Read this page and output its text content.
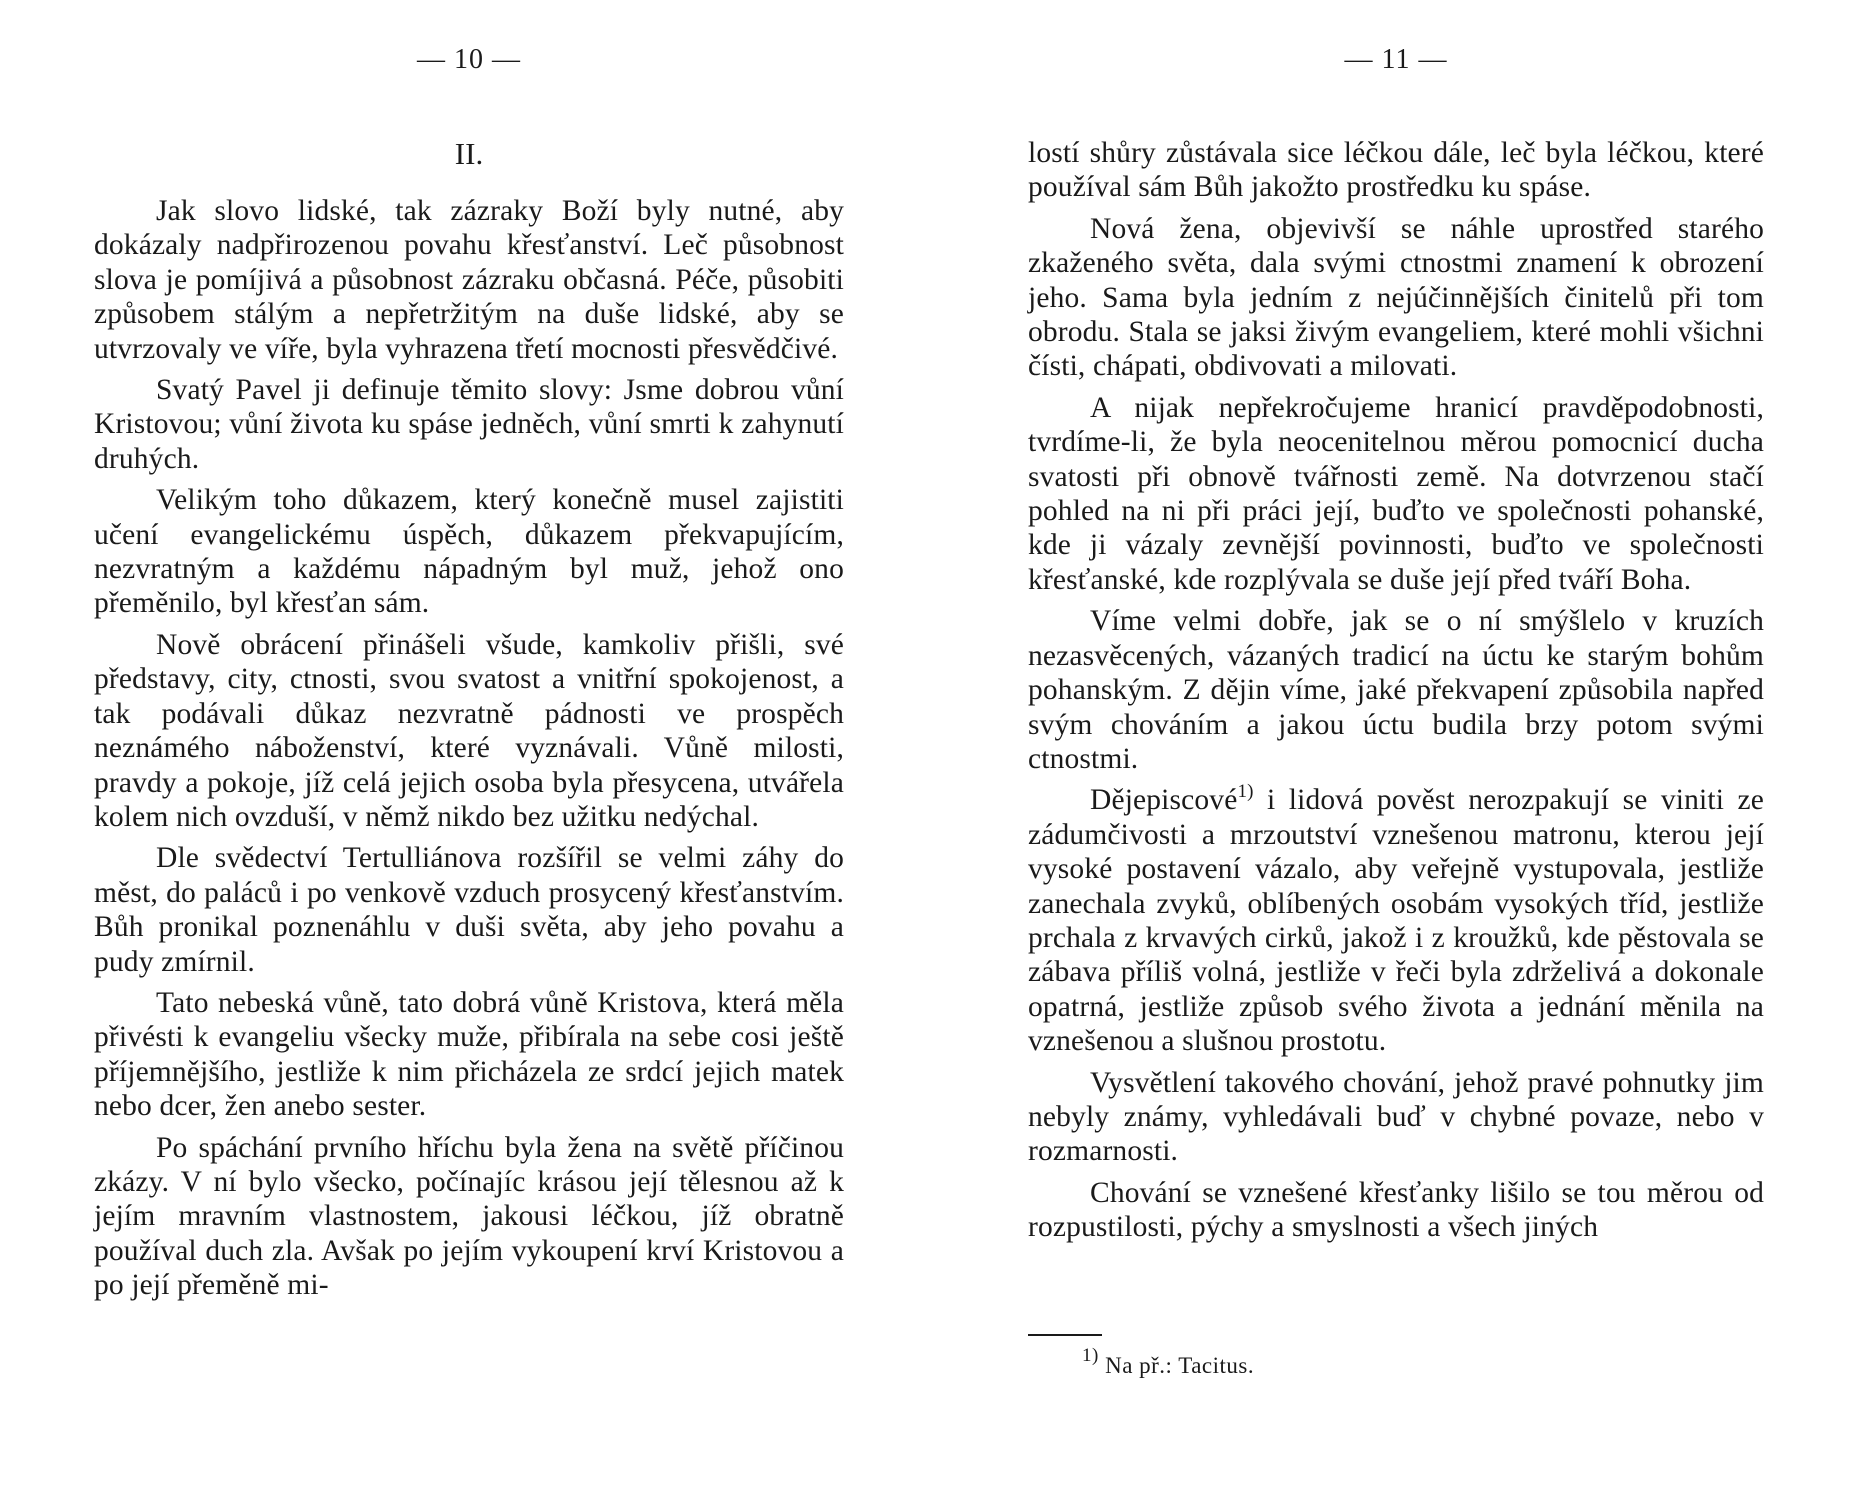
— 10 —
II.

Jak slovo lidské, tak zázraky Boží byly nutné, aby dokázaly nadpřirozenou povahu křesťanství. Leč působnost slova je pomíjivá a působnost zázraku občasná. Péče, působiti způsobem stálým a nepřetržitým na duše lidské, aby se utvrzovaly ve víře, byla vyhrazena třetí mocnosti přesvědčivé.

Svatý Pavel ji definuje těmito slovy: Jsme dobrou vůní Kristovou; vůní života ku spáse jedněch, vůní smrti k zahynutí druhých.

Velikým toho důkazem, který konečně musel zajistiti učení evangelickému úspěch, důkazem překvapujícím, nezvratným a každému nápadným byl muž, jehož ono přeměnilo, byl křesťan sám.

Nově obrácení přinášeli všude, kamkoliv přišli, své představy, city, ctnosti, svou svatost a vnitřní spokojenost, a tak podávali důkaz nezvratně pádnosti ve prospěch neznámého náboženství, které vyznávali. Vůně milosti, pravdy a pokoje, jíž celá jejich osoba byla přesycena, utvářela kolem nich ovzduší, v němž nikdo bez užitku nedýchal.

Dle svědectví Tertulliánova rozšířil se velmi záhy do měst, do paláců i po venkově vzduch prosycený křesťanstvím. Bůh pronikal poznenáhlu v duši světa, aby jeho povahu a pudy zmírnil.

Tato nebeská vůně, tato dobrá vůně Kristova, která měla přivésti k evangeliu všecky muže, přibírala na sebe cosi ještě příjemnějšího, jestliže k nim přicházela ze srdcí jejich matek nebo dcer, žen anebo sester.

Po spáchání prvního hříchu byla žena na světě příčinou zkázy. V ní bylo všecko, počínajíc krásou její tělesnou až k jejím mravním vlastnostem, jakousi léčkou, jíž obratně používal duch zla. Avšak po jejím vykoupení krví Kristovou a po její přeměně mi-

— 11 —

lostí shůry zůstávala sice léčkou dále, leč byla léčkou, které používal sám Bůh jakožto prostředku ku spáse.

Nová žena, objevivší se náhle uprostřed starého zkaženého světa, dala svými ctnostmi znamení k obrození jeho. Sama byla jedním z nejúčinnějších činitelů při tom obrodu. Stala se jaksi živým evangeliem, které mohli všichni čísti, chápati, obdivovati a milovati.

A nijak nepřekročujeme hranicí pravděpodobnosti, tvrdíme-li, že byla neocenitelnou měrou pomocnicí ducha svatosti při obnově tvářnosti země. Na dotvrzenou stačí pohled na ni při práci její, buďto ve společnosti pohanské, kde ji vázaly zevnější povinnosti, buďto ve společnosti křesťanské, kde rozplývala se duše její před tváří Boha.

Víme velmi dobře, jak se o ní smýšlelo v kruzích nezasvěcených, vázaných tradicí na úctu ke starým bohům pohanským. Z dějin víme, jaké překvapení způsobila napřed svým chováním a jakou úctu budila brzy potom svými ctnostmi.

Dějepiscové$^{1)}$ i lidová pověst nerozpakují se viniti ze zádumčivosti a mrzoutství vznešenou matronu, kterou její vysoké postavení vázalo, aby veřejně vystupovala, jestliže zanechala zvyků, oblíbených osobám vysokých tříd, jestliže prchala z krvavých cirků, jakož i z kroužků, kde pěstovala se zábava příliš volná, jestliže v řeči byla zdrželivá a dokonale opatrná, jestliže způsob svého života a jednání měnila na vznešenou a slušnou prostotu.

Vysvětlení takového chování, jehož pravé pohnutky jim nebyly známy, vyhledávali buď v chybné povaze, nebo v rozmarnosti.

Chování se vznešené křesťanky lišilo se tou měrou od rozpustilosti, pýchy a smyslnosti a všech jiných

$^{1)}$ Na př.: Tacitus.
